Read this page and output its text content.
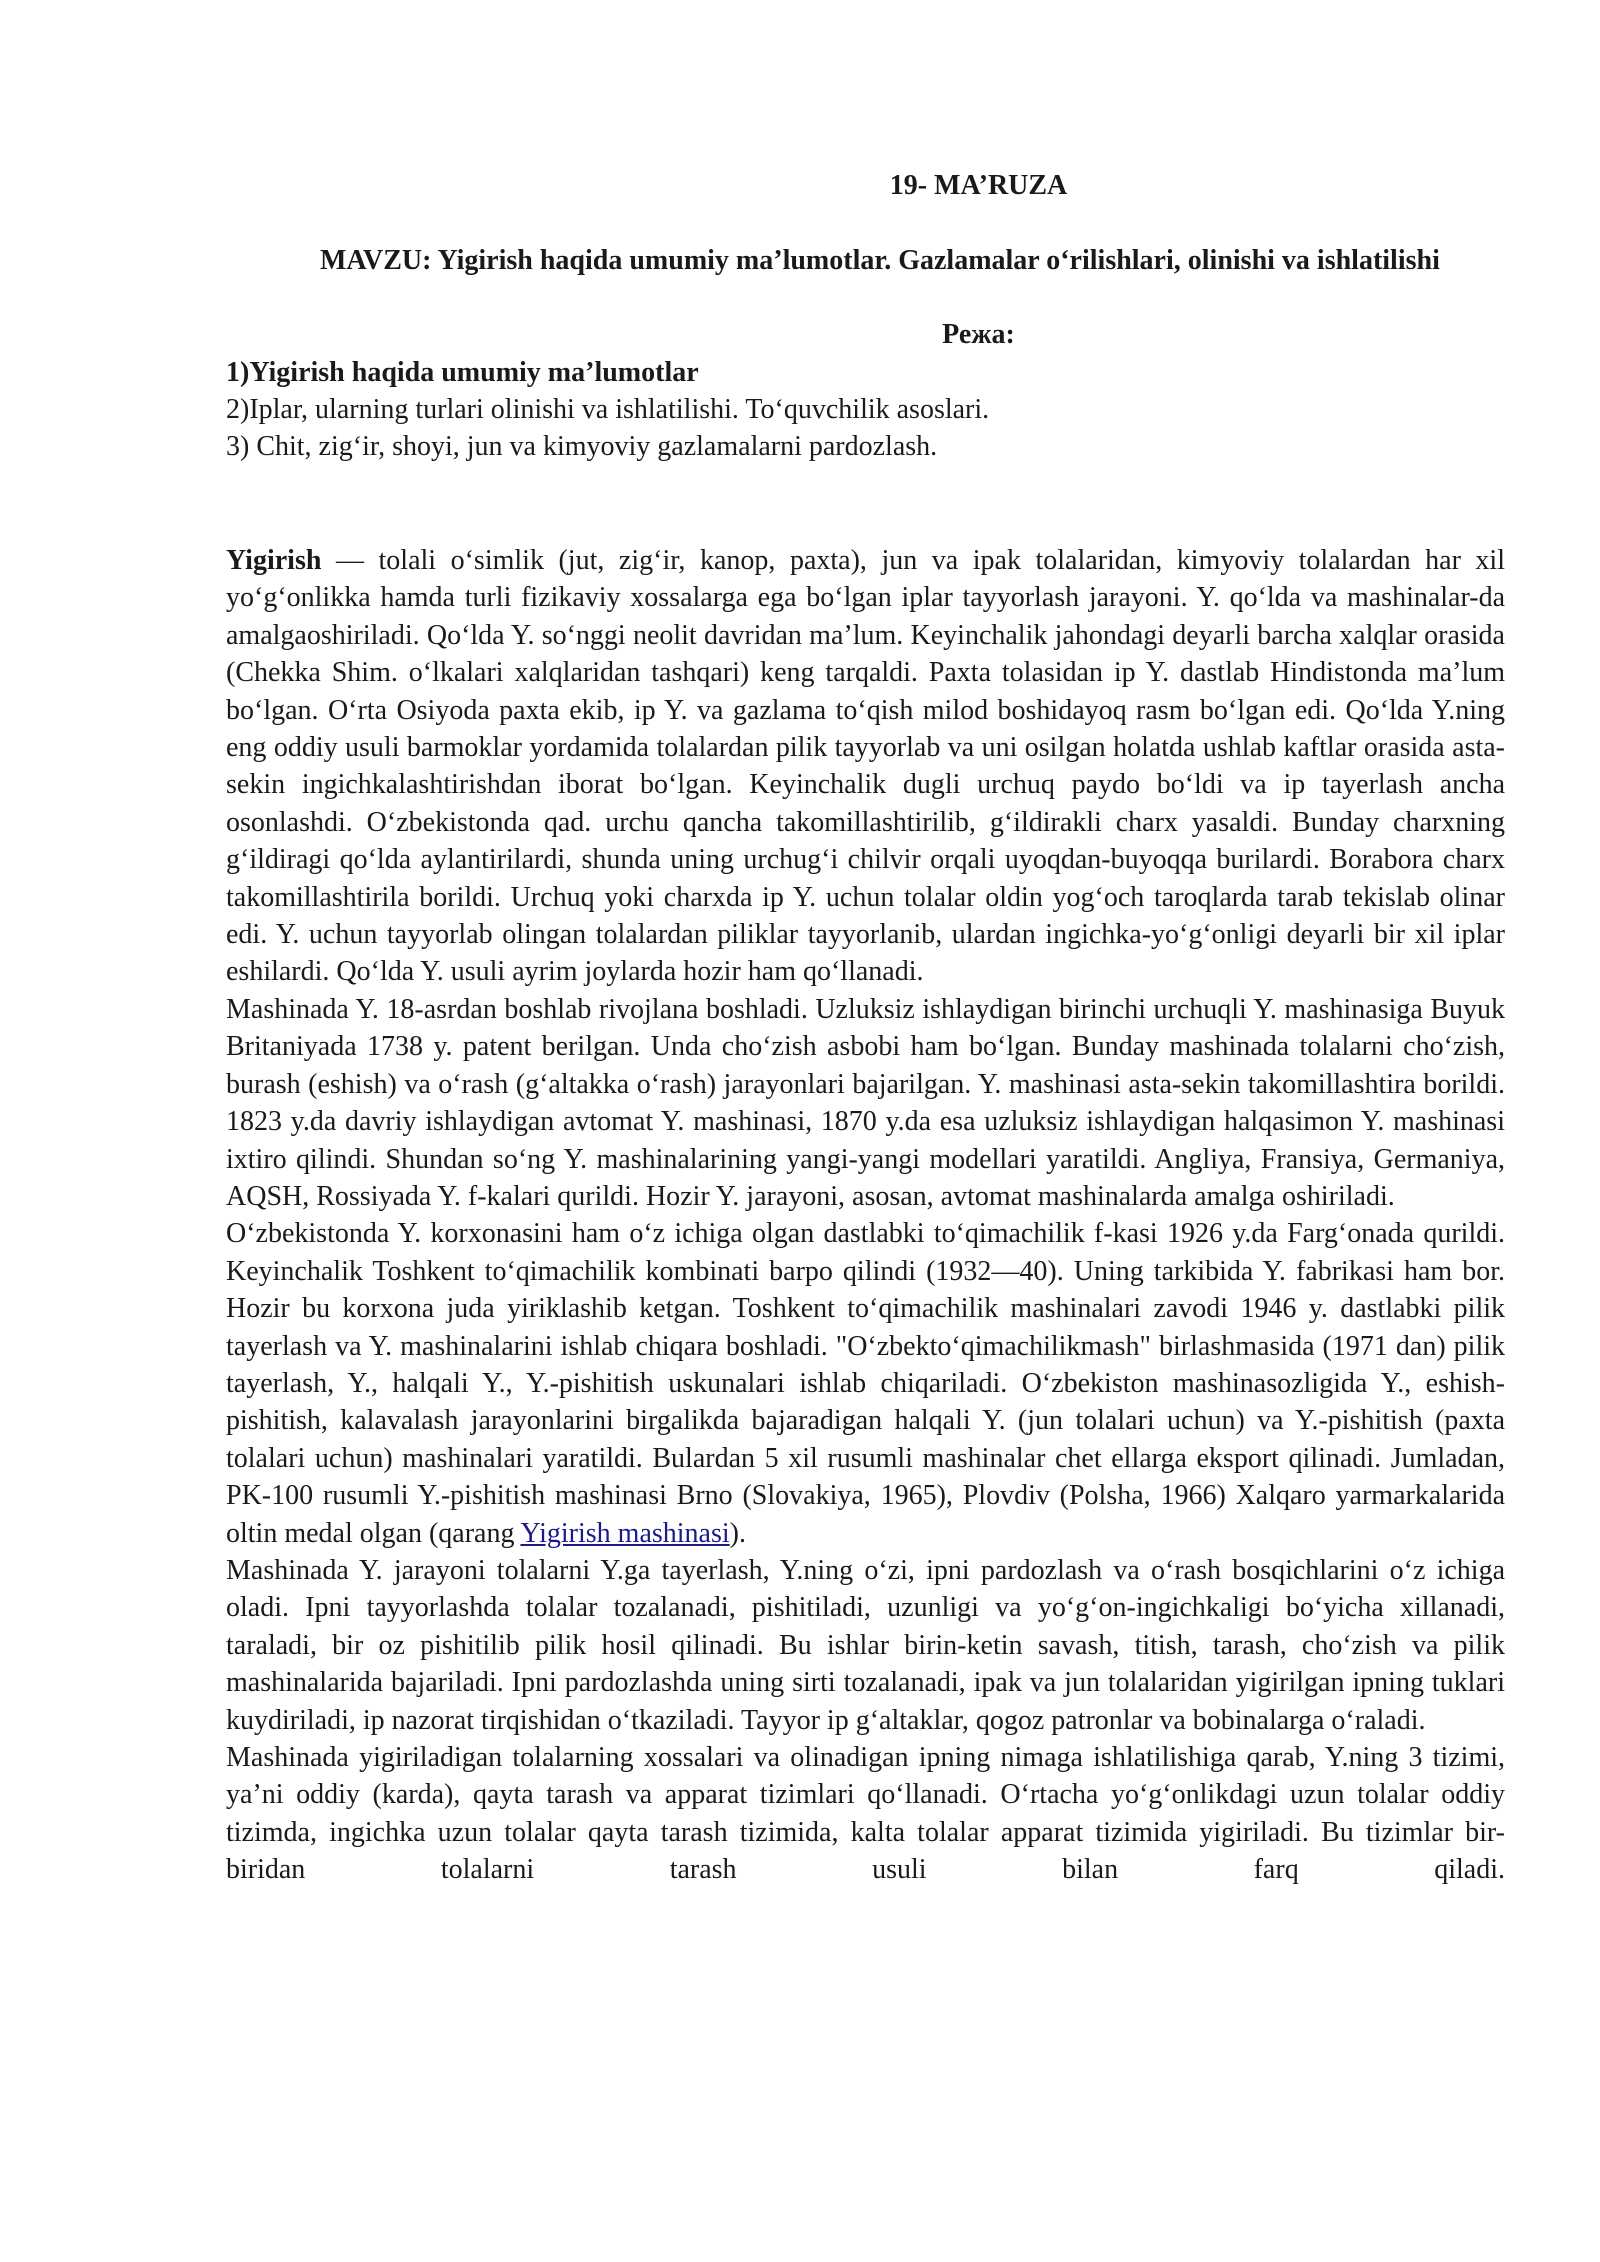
19- MA’RUZA

MAVZU: Yigirish haqida umumiy ma’lumotlar. Gazlamalar o‘rilishlari, olinishi va ishlatilishi

Режа:

1)Yigirish haqida umumiy ma’lumotlar
2)Iplar, ularning turlari olinishi va ishlatilishi. To‘quvchilik asoslari.
3) Chit, zig‘ir, shoyi, jun va kimyoviy gazlamalarni pardozlash.

Yigirish — tolali o‘simlik (jut, zig‘ir, kanop, paxta), jun va ipak tolalaridan, kimyoviy tolalardan har xil yo‘g‘onlikka hamda turli fizikaviy xossalarga ega bo‘lgan iplar tayyorlash jarayoni. Y. qo‘lda va mashinalar-da amalgaoshiriladi. Qo‘lda Y. so‘nggi neolit davridan ma’lum. Keyinchalik jahondagi deyarli barcha xalqlar orasida (Chekka Shim. o‘lkalari xalqlaridan tashqari) keng tarqaldi. Paxta tolasidan ip Y. dastlab Hindistonda ma’lum bo‘lgan. O‘rta Osiyoda paxta ekib, ip Y. va gazlama to‘qish milod boshidayoq rasm bo‘lgan edi. Qo‘lda Y.ning eng oddiy usuli barmoklar yordamida tolalardan pilik tayyorlab va uni osilgan holatda ushlab kaftlar orasida asta-sekin ingichkalashtirishdan iborat bo‘lgan. Keyinchalik dugli urchuq paydo bo‘ldi va ip tayerlash ancha osonlashdi. O‘zbekistonda qad. urchu qancha takomillashtirilib, g‘ildirakli charx yasaldi. Bunday charxning g‘ildiragi qo‘lda aylantirilardi, shunda uning urchug‘i chilvir orqali uyoqdan-buyoqqa burilardi. Borabora charx takomillashtirila borildi. Urchuq yoki charxda ip Y. uchun tolalar oldin yog‘och taroqlarda tarab tekislab olinar edi. Y. uchun tayyorlab olingan tolalardan piliklar tayyorlanib, ulardan ingichka-yo‘g‘onligi deyarli bir xil iplar eshilardi. Qo‘lda Y. usuli ayrim joylarda hozir ham qo‘llanadi.

Mashinada Y. 18-asrdan boshlab rivojlana boshladi. Uzluksiz ishlaydigan birinchi urchuqli Y. mashinasiga Buyuk Britaniyada 1738 y. patent berilgan. Unda cho‘zish asbobi ham bo‘lgan. Bunday mashinada tolalarni cho‘zish, burash (eshish) va o‘rash (g‘altakka o‘rash) jarayonlari bajarilgan. Y. mashinasi asta-sekin takomillashtira borildi. 1823 y.da davriy ishlaydigan avtomat Y. mashinasi, 1870 y.da esa uzluksiz ishlaydigan halqasimon Y. mashinasi ixtiro qilindi. Shundan so‘ng Y. mashinalarining yangi-yangi modellari yaratildi. Angliya, Fransiya, Germaniya, AQSH, Rossiyada Y. f-kalari qurildi. Hozir Y. jarayoni, asosan, avtomat mashinalarda amalga oshiriladi.

O‘zbekistonda Y. korxonasini ham o‘z ichiga olgan dastlabki to‘qimachilik f-kasi 1926 y.da Farg‘onada qurildi. Keyinchalik Toshkent to‘qimachilik kombinati barpo qilindi (1932—40). Uning tarkibida Y. fabrikasi ham bor. Hozir bu korxona juda yiriklashib ketgan. Toshkent to‘qimachilik mashinalari zavodi 1946 y. dastlabki pilik tayerlash va Y. mashinalarini ishlab chiqara boshladi. "O‘zbekto‘qimachilikmash" birlashmasida (1971 dan) pilik tayerlash, Y., halqali Y., Y.-pishitish uskunalari ishlab chiqariladi. O‘zbekiston mashinasozligida Y., eshish-pishitish, kalavalash jarayonlarini birgalikda bajaradigan halqali Y. (jun tolalari uchun) va Y.-pishitish (paxta tolalari uchun) mashinalari yaratildi. Bulardan 5 xil rusumli mashinalar chet ellarga eksport qilinadi. Jumladan, PK-100 rusumli Y.-pishitish mashinasi Brno (Slovakiya, 1965), Plovdiv (Polsha, 1966) Xalqaro yarmarkalarida oltin medal olgan (qarang Yigirish mashinasi).

Mashinada Y. jarayoni tolalarni Y.ga tayerlash, Y.ning o‘zi, ipni pardozlash va o‘rash bosqichlarini o‘z ichiga oladi. Ipni tayyorlashda tolalar tozalanadi, pishitiladi, uzunligi va yo‘g‘on-ingichkaligi bo‘yicha xillanadi, taraladi, bir oz pishitilib pilik hosil qilinadi. Bu ishlar birin-ketin savash, titish, tarash, cho‘zish va pilik mashinalarida bajariladi. Ipni pardozlashda uning sirti tozalanadi, ipak va jun tolalaridan yigirilgan ipning tuklari kuydiriladi, ip nazorat tirqishidan o‘tkaziladi. Tayyor ip g‘altaklar, qogoz patronlar va bobinalarga o‘raladi.

Mashinada yigiriladigan tolalarning xossalari va olinadigan ipning nimaga ishlatilishiga qarab, Y.ning 3 tizimi, ya’ni oddiy (karda), qayta tarash va apparat tizimlari qo‘llanadi. O‘rtacha yo‘g‘onlikdagi uzun tolalar oddiy tizimda, ingichka uzun tolalar qayta tarash tizimida, kalta tolalar apparat tizimida yigiriladi. Bu tizimlar bir-biridan tolalarni tarash usuli bilan farq qiladi.
